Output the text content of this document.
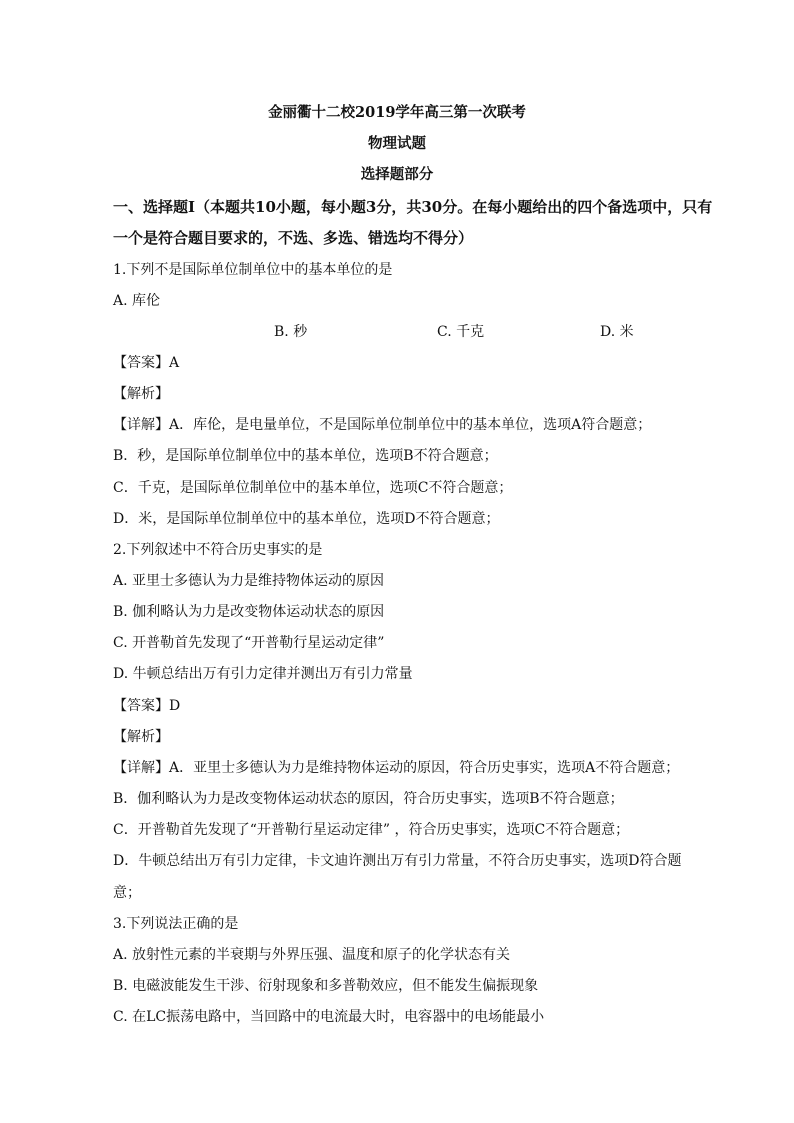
金丽衢十二校2019学年高三第一次联考
物理试题
选择题部分
一、选择题Ⅰ（本题共10小题，每小题3分，共30分。在每小题给出的四个备选项中，只有
一个是符合题目要求的，不选、多选、错选均不得分）
1.下列不是国际单位制单位中的基本单位的是
A. 库伦
B. 秒	C. 千克	D. 米
【答案】A
【解析】
【详解】A．库伦，是电量单位，不是国际单位制单位中的基本单位，选项A符合题意；
B．秒，是国际单位制单位中的基本单位，选项B不符合题意；
C．千克，是国际单位制单位中的基本单位，选项C不符合题意；
D．米，是国际单位制单位中的基本单位，选项D不符合题意；
2.下列叙述中不符合历史事实的是
A. 亚里士多德认为力是维持物体运动的原因
B. 伽利略认为力是改变物体运动状态的原因
C. 开普勒首先发现了“开普勒行星运动定律”
D. 牛顿总结出万有引力定律并测出万有引力常量
【答案】D
【解析】
【详解】A．亚里士多德认为力是维持物体运动的原因，符合历史事实，选项A不符合题意；
B．伽利略认为力是改变物体运动状态的原因，符合历史事实，选项B不符合题意；
C．开普勒首先发现了“开普勒行星运动定律” ，符合历史事实，选项C不符合题意；
D．牛顿总结出万有引力定律，卡文迪许测出万有引力常量，不符合历史事实，选项D符合题
意；
3.下列说法正确的是
A. 放射性元素的半衰期与外界压强、温度和原子的化学状态有关
B. 电磁波能发生干涉、衍射现象和多普勒效应，但不能发生偏振现象
C. 在LC振荡电路中，当回路中的电流最大时，电容器中的电场能最小
